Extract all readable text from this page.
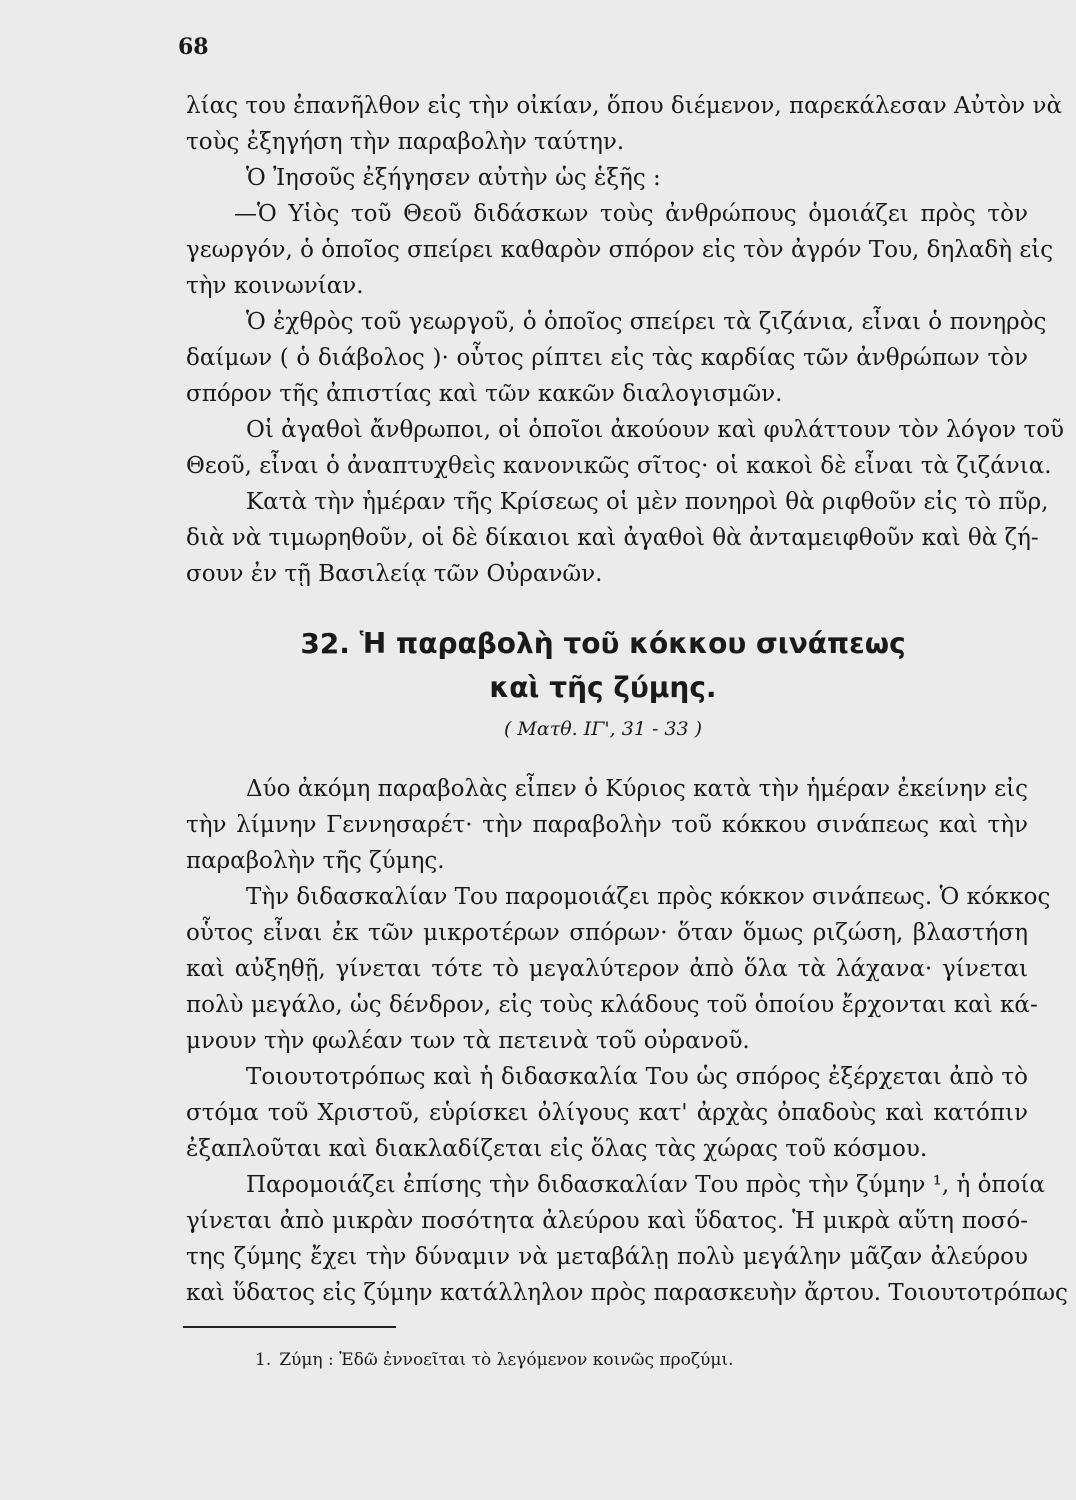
68
λίας του ἐπανῆλθον εἰς τὴν οἰκίαν, ὅπου διέμενον, παρεκάλεσαν Αὐτὸν νὰ
τοὺς ἐξηγήση τὴν παραβολὴν ταύτην.
Ὁ Ἰησοῦς ἐξήγησεν αὐτὴν ὡς ἑξῆς :
—Ὁ Υἱὸς τοῦ Θεοῦ διδάσκων τοὺς ἀνθρώπους ὁμοιάζει πρὸς τὸν
γεωργόν, ὁ ὁποῖος σπείρει καθαρὸν σπόρον εἰς τὸν ἀγρόν Του, δηλαδὴ εἰς
τὴν κοινωνίαν.
Ὁ ἐχθρὸς τοῦ γεωργοῦ, ὁ ὁποῖος σπείρει τὰ ζιζάνια, εἶναι ὁ πονηρὸς
δαίμων ( ὁ διάβολος )· οὗτος ρίπτει εἰς τὰς καρδίας τῶν ἀνθρώπων τὸν
σπόρον τῆς ἀπιστίας καὶ τῶν κακῶν διαλογισμῶν.
Οἱ ἀγαθοὶ ἄνθρωποι, οἱ ὁποῖοι ἀκούουν καὶ φυλάττουν τὸν λόγον τοῦ
Θεοῦ, εἶναι ὁ ἀναπτυχθεὶς κανονικῶς σῖτος· οἱ κακοὶ δὲ εἶναι τὰ ζιζάνια.
Κατὰ τὴν ἡμέραν τῆς Κρίσεως οἱ μὲν πονηροὶ θὰ ριφθοῦν εἰς τὸ πῦρ,
διὰ νὰ τιμωρηθοῦν, οἱ δὲ δίκαιοι καὶ ἀγαθοὶ θὰ ἀνταμειφθοῦν καὶ θὰ ζή-
σουν ἐν τῇ Βασιλείᾳ τῶν Οὐρανῶν.
32. Ἡ παραβολὴ τοῦ κόκκου σινάπεως
καὶ τῆς ζύμης.
( Ματθ. ΙΓ', 31 - 33 )
Δύο ἀκόμη παραβολὰς εἶπεν ὁ Κύριος κατὰ τὴν ἡμέραν ἐκείνην εἰς
τὴν λίμνην Γεννησαρέτ· τὴν παραβολὴν τοῦ κόκκου σινάπεως καὶ τὴν
παραβολὴν τῆς ζύμης.
Τὴν διδασκαλίαν Του παρομοιάζει πρὸς κόκκον σινάπεως. Ὁ κόκκος
οὗτος εἶναι ἐκ τῶν μικροτέρων σπόρων· ὅταν ὅμως ριζώση, βλαστήση
καὶ αὐξηθῇ, γίνεται τότε τὸ μεγαλύτερον ἀπὸ ὅλα τὰ λάχανα· γίνεται
πολὺ μεγάλο, ὡς δένδρον, εἰς τοὺς κλάδους τοῦ ὁποίου ἔρχονται καὶ κά-
μνουν τὴν φωλέαν των τὰ πετεινὰ τοῦ οὐρανοῦ.
Τοιουτοτρόπως καὶ ἡ διδασκαλία Του ὡς σπόρος ἐξέρχεται ἀπὸ τὸ
στόμα τοῦ Χριστοῦ, εὑρίσκει ὀλίγους κατ' ἀρχὰς ὀπαδοὺς καὶ κατόπιν
ἐξαπλοῦται καὶ διακλαδίζεται εἰς ὅλας τὰς χώρας τοῦ κόσμου.
Παρομοιάζει ἐπίσης τὴν διδασκαλίαν Του πρὸς τὴν ζύμην ¹, ἡ ὁποία
γίνεται ἀπὸ μικρὰν ποσότητα ἀλεύρου καὶ ὕδατος. Ἡ μικρὰ αὕτη ποσό-
της ζύμης ἔχει τὴν δύναμιν νὰ μεταβάλῃ πολὺ μεγάλην μᾶζαν ἀλεύρου
καὶ ὕδατος εἰς ζύμην κατάλληλον πρὸς παρασκευὴν ἄρτου. Τοιουτοτρόπως
1. Ζύμη : Ἐδῶ ἐννοεῖται τὸ λεγόμενον κοινῶς προζύμι.
